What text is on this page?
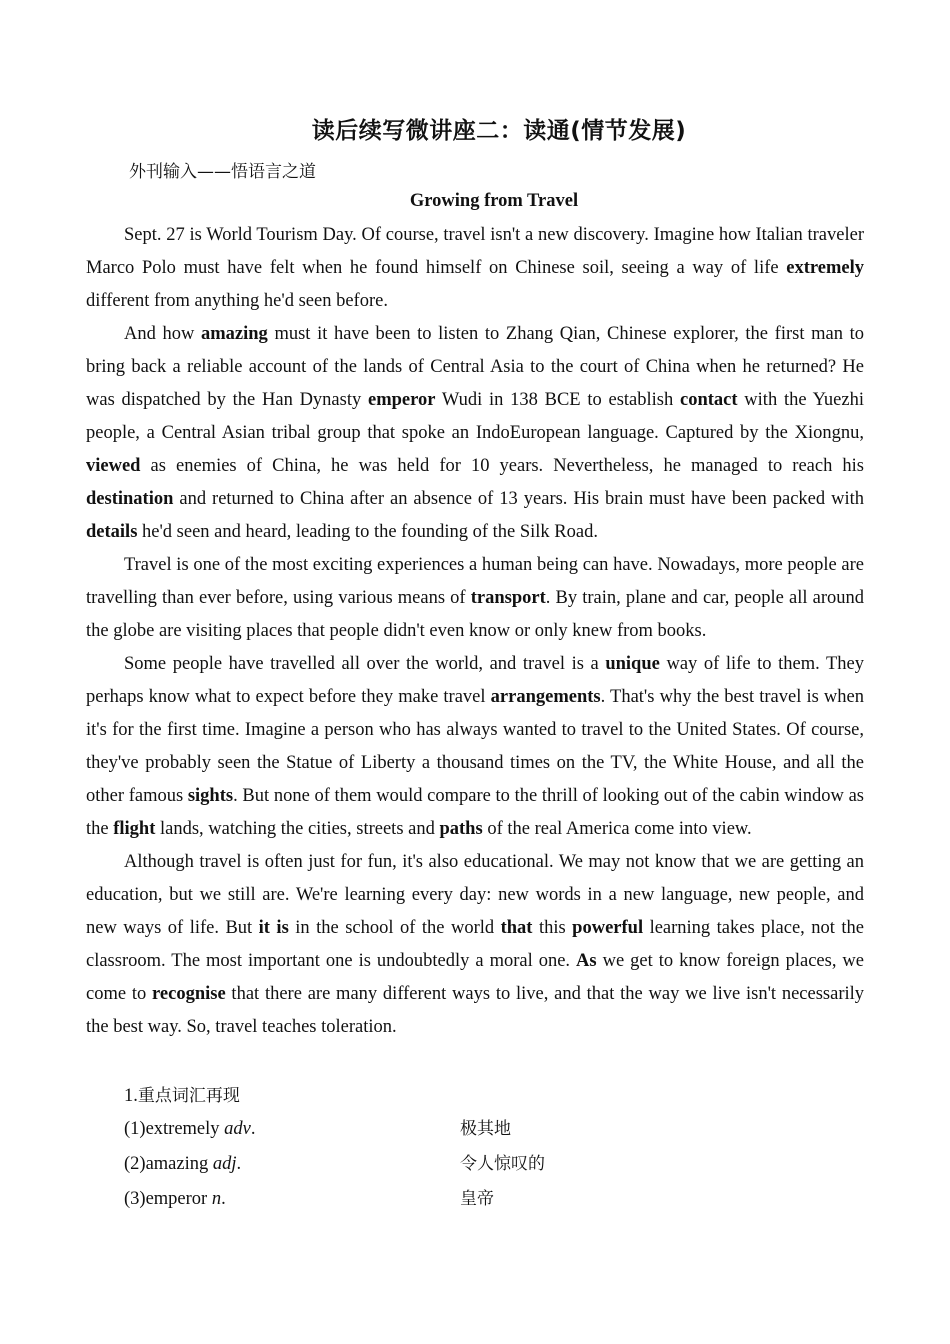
读后续写微讲座二：读通(情节发展)
外刊输入——悟语言之道
Growing from Travel

Sept. 27 is World Tourism Day. Of course, travel isn't a new discovery. Imagine how Italian traveler Marco Polo must have felt when he found himself on Chinese soil, seeing a way of life extremely different from anything he'd seen before.

And how amazing must it have been to listen to Zhang Qian, Chinese explorer, the first man to bring back a reliable account of the lands of Central Asia to the court of China when he returned? He was dispatched by the Han Dynasty emperor Wudi in 138 BCE to establish contact with the Yuezhi people, a Central Asian tribal group that spoke an IndoEuropean language. Captured by the Xiongnu, viewed as enemies of China, he was held for 10 years. Nevertheless, he managed to reach his destination and returned to China after an absence of 13 years. His brain must have been packed with details he'd seen and heard, leading to the founding of the Silk Road.

Travel is one of the most exciting experiences a human being can have. Nowadays, more people are travelling than ever before, using various means of transport. By train, plane and car, people all around the globe are visiting places that people didn't even know or only knew from books.

Some people have travelled all over the world, and travel is a unique way of life to them. They perhaps know what to expect before they make travel arrangements. That's why the best travel is when it's for the first time. Imagine a person who has always wanted to travel to the United States. Of course, they've probably seen the Statue of Liberty a thousand times on the TV, the White House, and all the other famous sights. But none of them would compare to the thrill of looking out of the cabin window as the flight lands, watching the cities, streets and paths of the real America come into view.

Although travel is often just for fun, it's also educational. We may not know that we are getting an education, but we still are. We're learning every day: new words in a new language, new people, and new ways of life. But it is in the school of the world that this powerful learning takes place, not the classroom. The most important one is undoubtedly a moral one. As we get to know foreign places, we come to recognise that there are many different ways to live, and that the way we live isn't necessarily the best way. So, travel teaches toleration.

1.重点词汇再现
(1)extremely adv.	极其地
(2)amazing adj.	令人惊叹的
(3)emperor n.	皇帝
